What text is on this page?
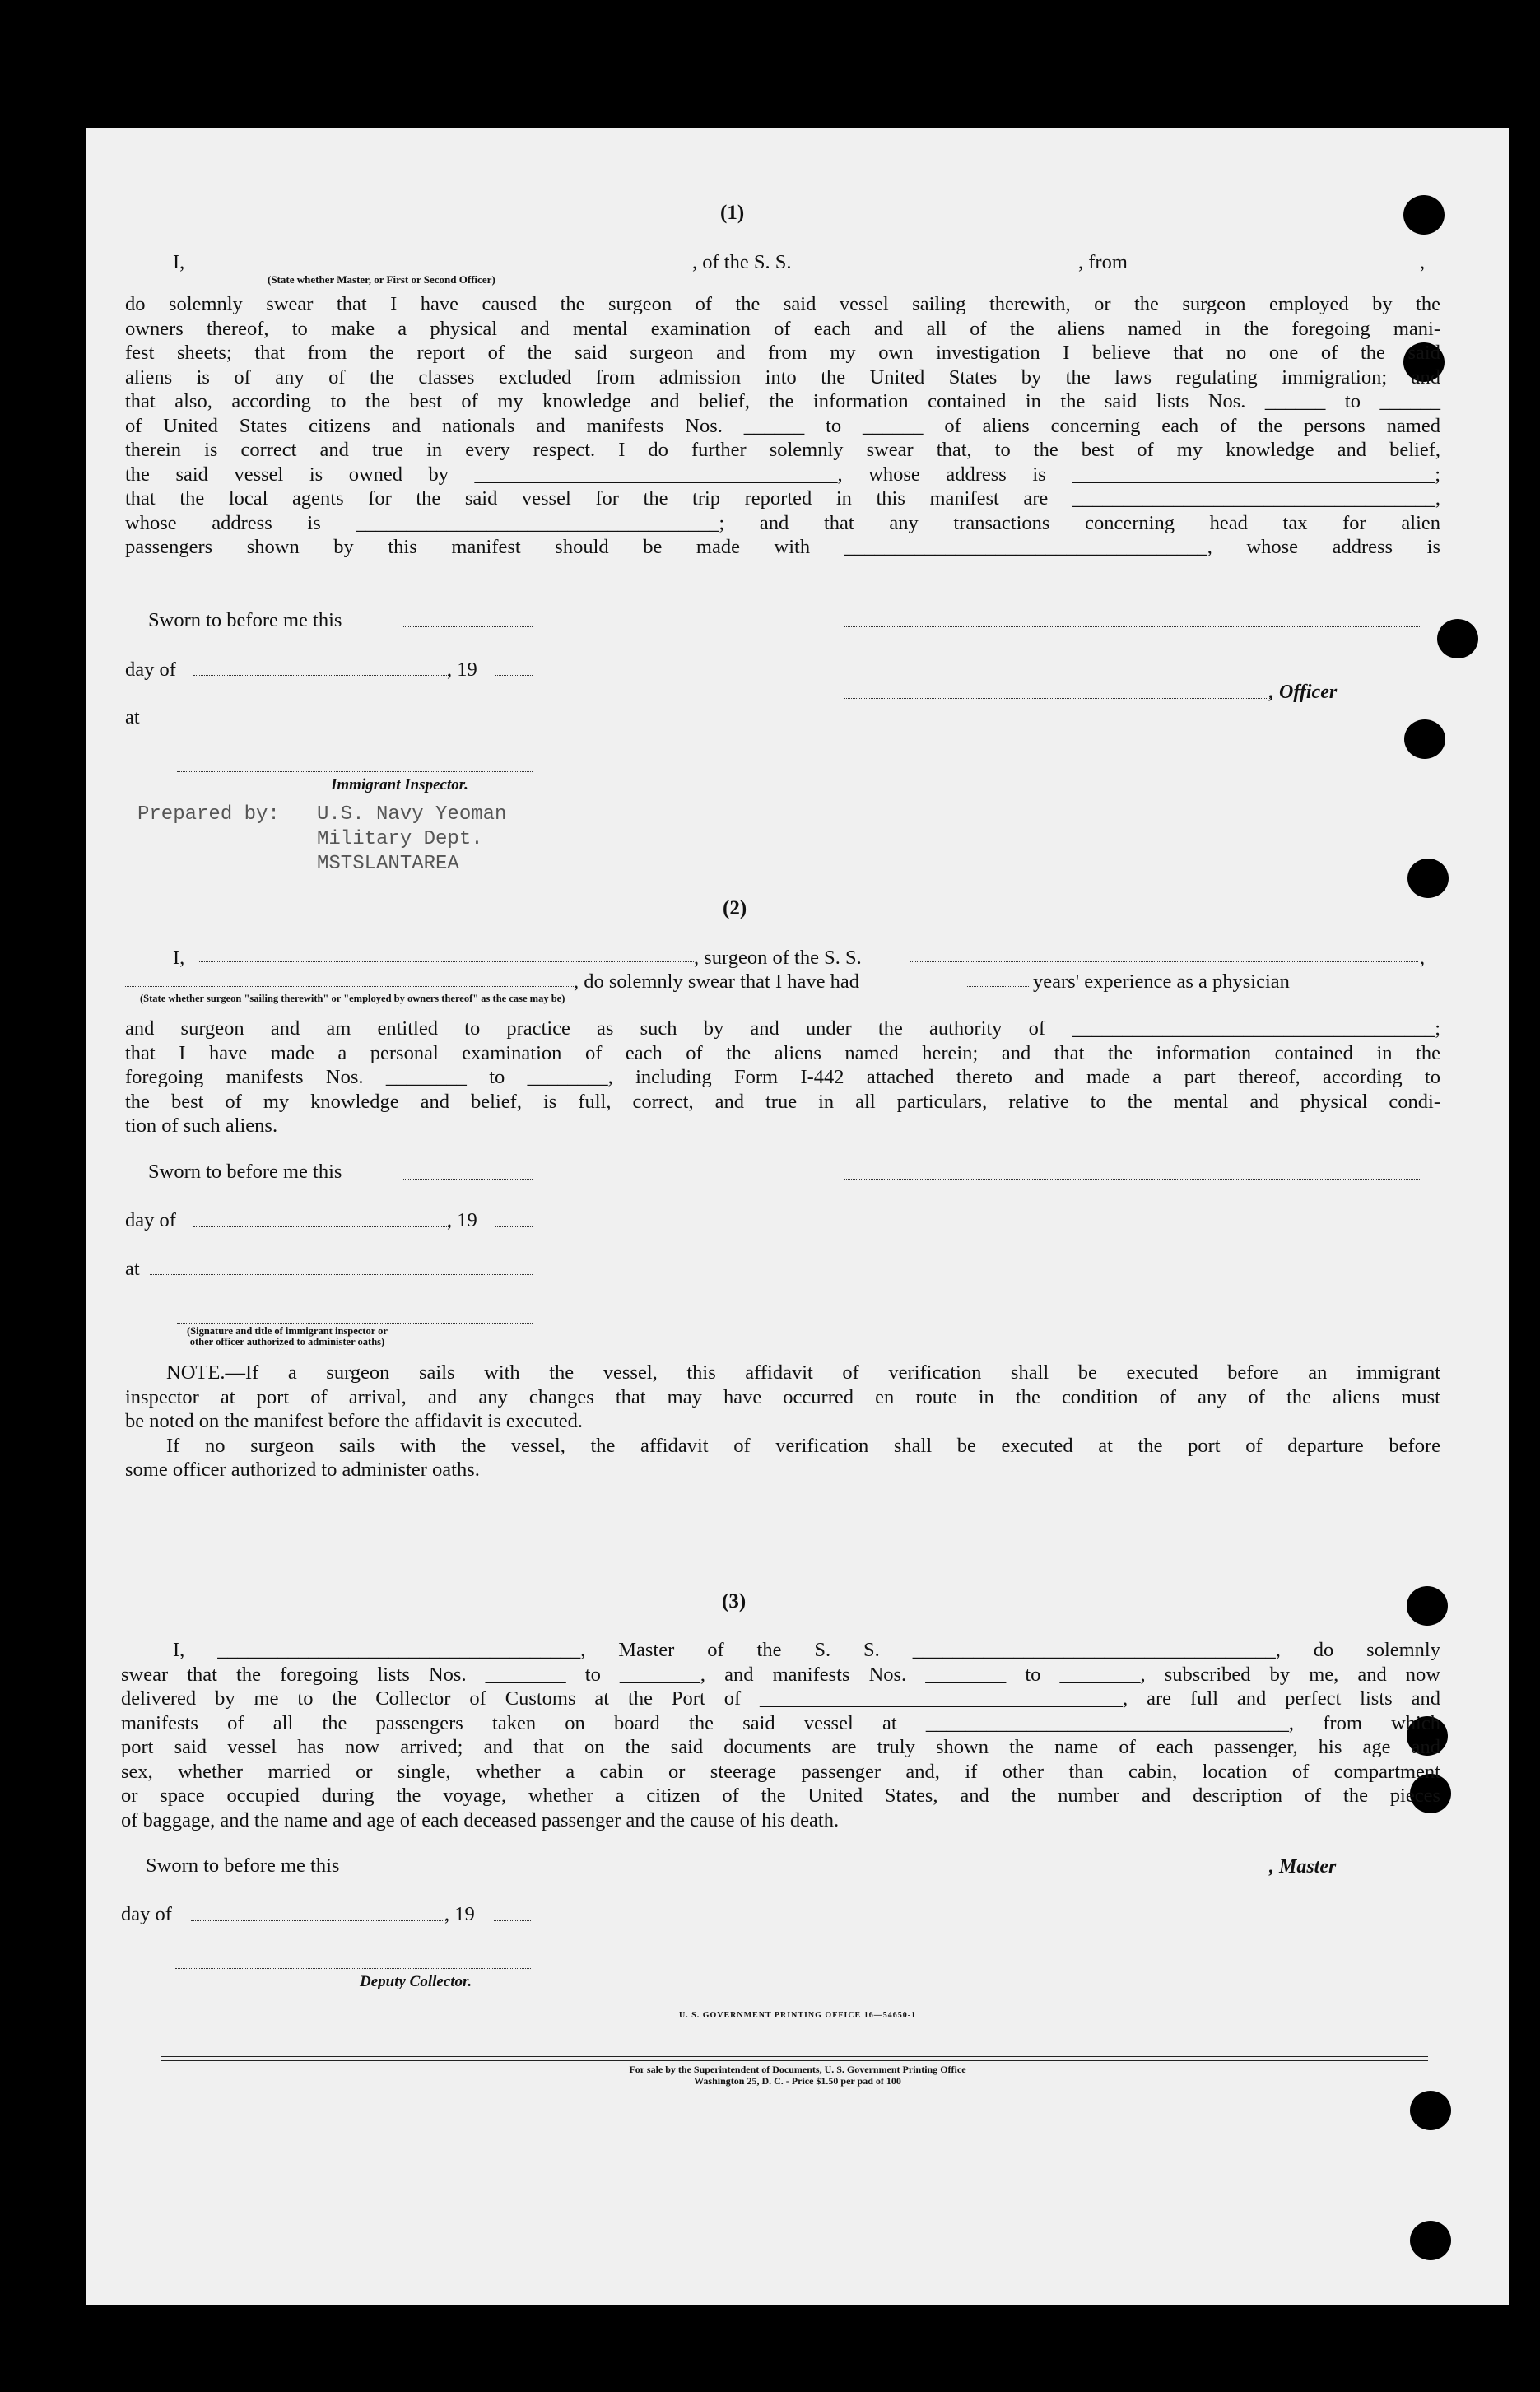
(1)
I,	, of the S. S.	, from	,
(State whether Master, or First or Second Officer)
do solemnly swear that I have caused the surgeon of the said vessel sailing therewith, or the surgeon employed by the
owners thereof, to make a physical and mental examination of each and all of the aliens named in the foregoing mani-
fest sheets; that from the report of the said surgeon and from my own investigation I believe that no one of the said
aliens is of any of the classes excluded from admission into the United States by the laws regulating immigration; and
that also, according to the best of my knowledge and belief, the information contained in the said lists Nos. ______ to ______
of United States citizens and nationals and manifests Nos. ______ to ______ of aliens concerning each of the persons named
therein is correct and true in every respect. I do further solemnly swear that, to the best of my knowledge and belief,
the said vessel is owned by ____________________________________, whose address is ____________________________________;
that the local agents for the said vessel for the trip reported in this manifest are ____________________________________,
whose address is ____________________________________; and that any transactions concerning head tax for alien
passengers shown by this manifest should be made with ____________________________________, whose address is
Sworn to before me this
day of	, 19
, Officer
at
Immigrant Inspector.
Prepared by: U.S. Navy Yeoman
Military Dept.
MSTSLANTAREA
(2)
I,	, surgeon of the S. S.	,
, do solemnly swear that I have had	years' experience as a physician
(State whether surgeon "sailing therewith" or "employed by owners thereof" as the case may be)
and surgeon and am entitled to practice as such by and under the authority of ____________________________________;
that I have made a personal examination of each of the aliens named herein; and that the information contained in the
foregoing manifests Nos. ________ to ________, including Form I-442 attached thereto and made a part thereof, according to
the best of my knowledge and belief, is full, correct, and true in all particulars, relative to the mental and physical condi-
tion of such aliens.
Sworn to before me this
day of	, 19
at
(Signature and title of immigrant inspector or
other officer authorized to administer oaths)
NOTE.—If a surgeon sails with the vessel, this affidavit of verification shall be executed before an immigrant
inspector at port of arrival, and any changes that may have occurred en route in the condition of any of the aliens must
be noted on the manifest before the affidavit is executed.
If no surgeon sails with the vessel, the affidavit of verification shall be executed at the port of departure before
some officer authorized to administer oaths.
(3)
I, ____________________________________, Master of the S. S. ____________________________________, do solemnly
swear that the foregoing lists Nos. ________ to ________, and manifests Nos. ________ to ________, subscribed by me, and now
delivered by me to the Collector of Customs at the Port of ____________________________________, are full and perfect lists and
manifests of all the passengers taken on board the said vessel at ____________________________________, from which
port said vessel has now arrived; and that on the said documents are truly shown the name of each passenger, his age and
sex, whether married or single, whether a cabin or steerage passenger and, if other than cabin, location of compartment
or space occupied during the voyage, whether a citizen of the United States, and the number and description of the pieces
of baggage, and the name and age of each deceased passenger and the cause of his death.
Sworn to before me this	, Master
day of	, 19
Deputy Collector.
U. S. GOVERNMENT PRINTING OFFICE 16—54650-1
For sale by the Superintendent of Documents, U. S. Government Printing Office
Washington 25, D. C. - Price $1.50 per pad of 100
